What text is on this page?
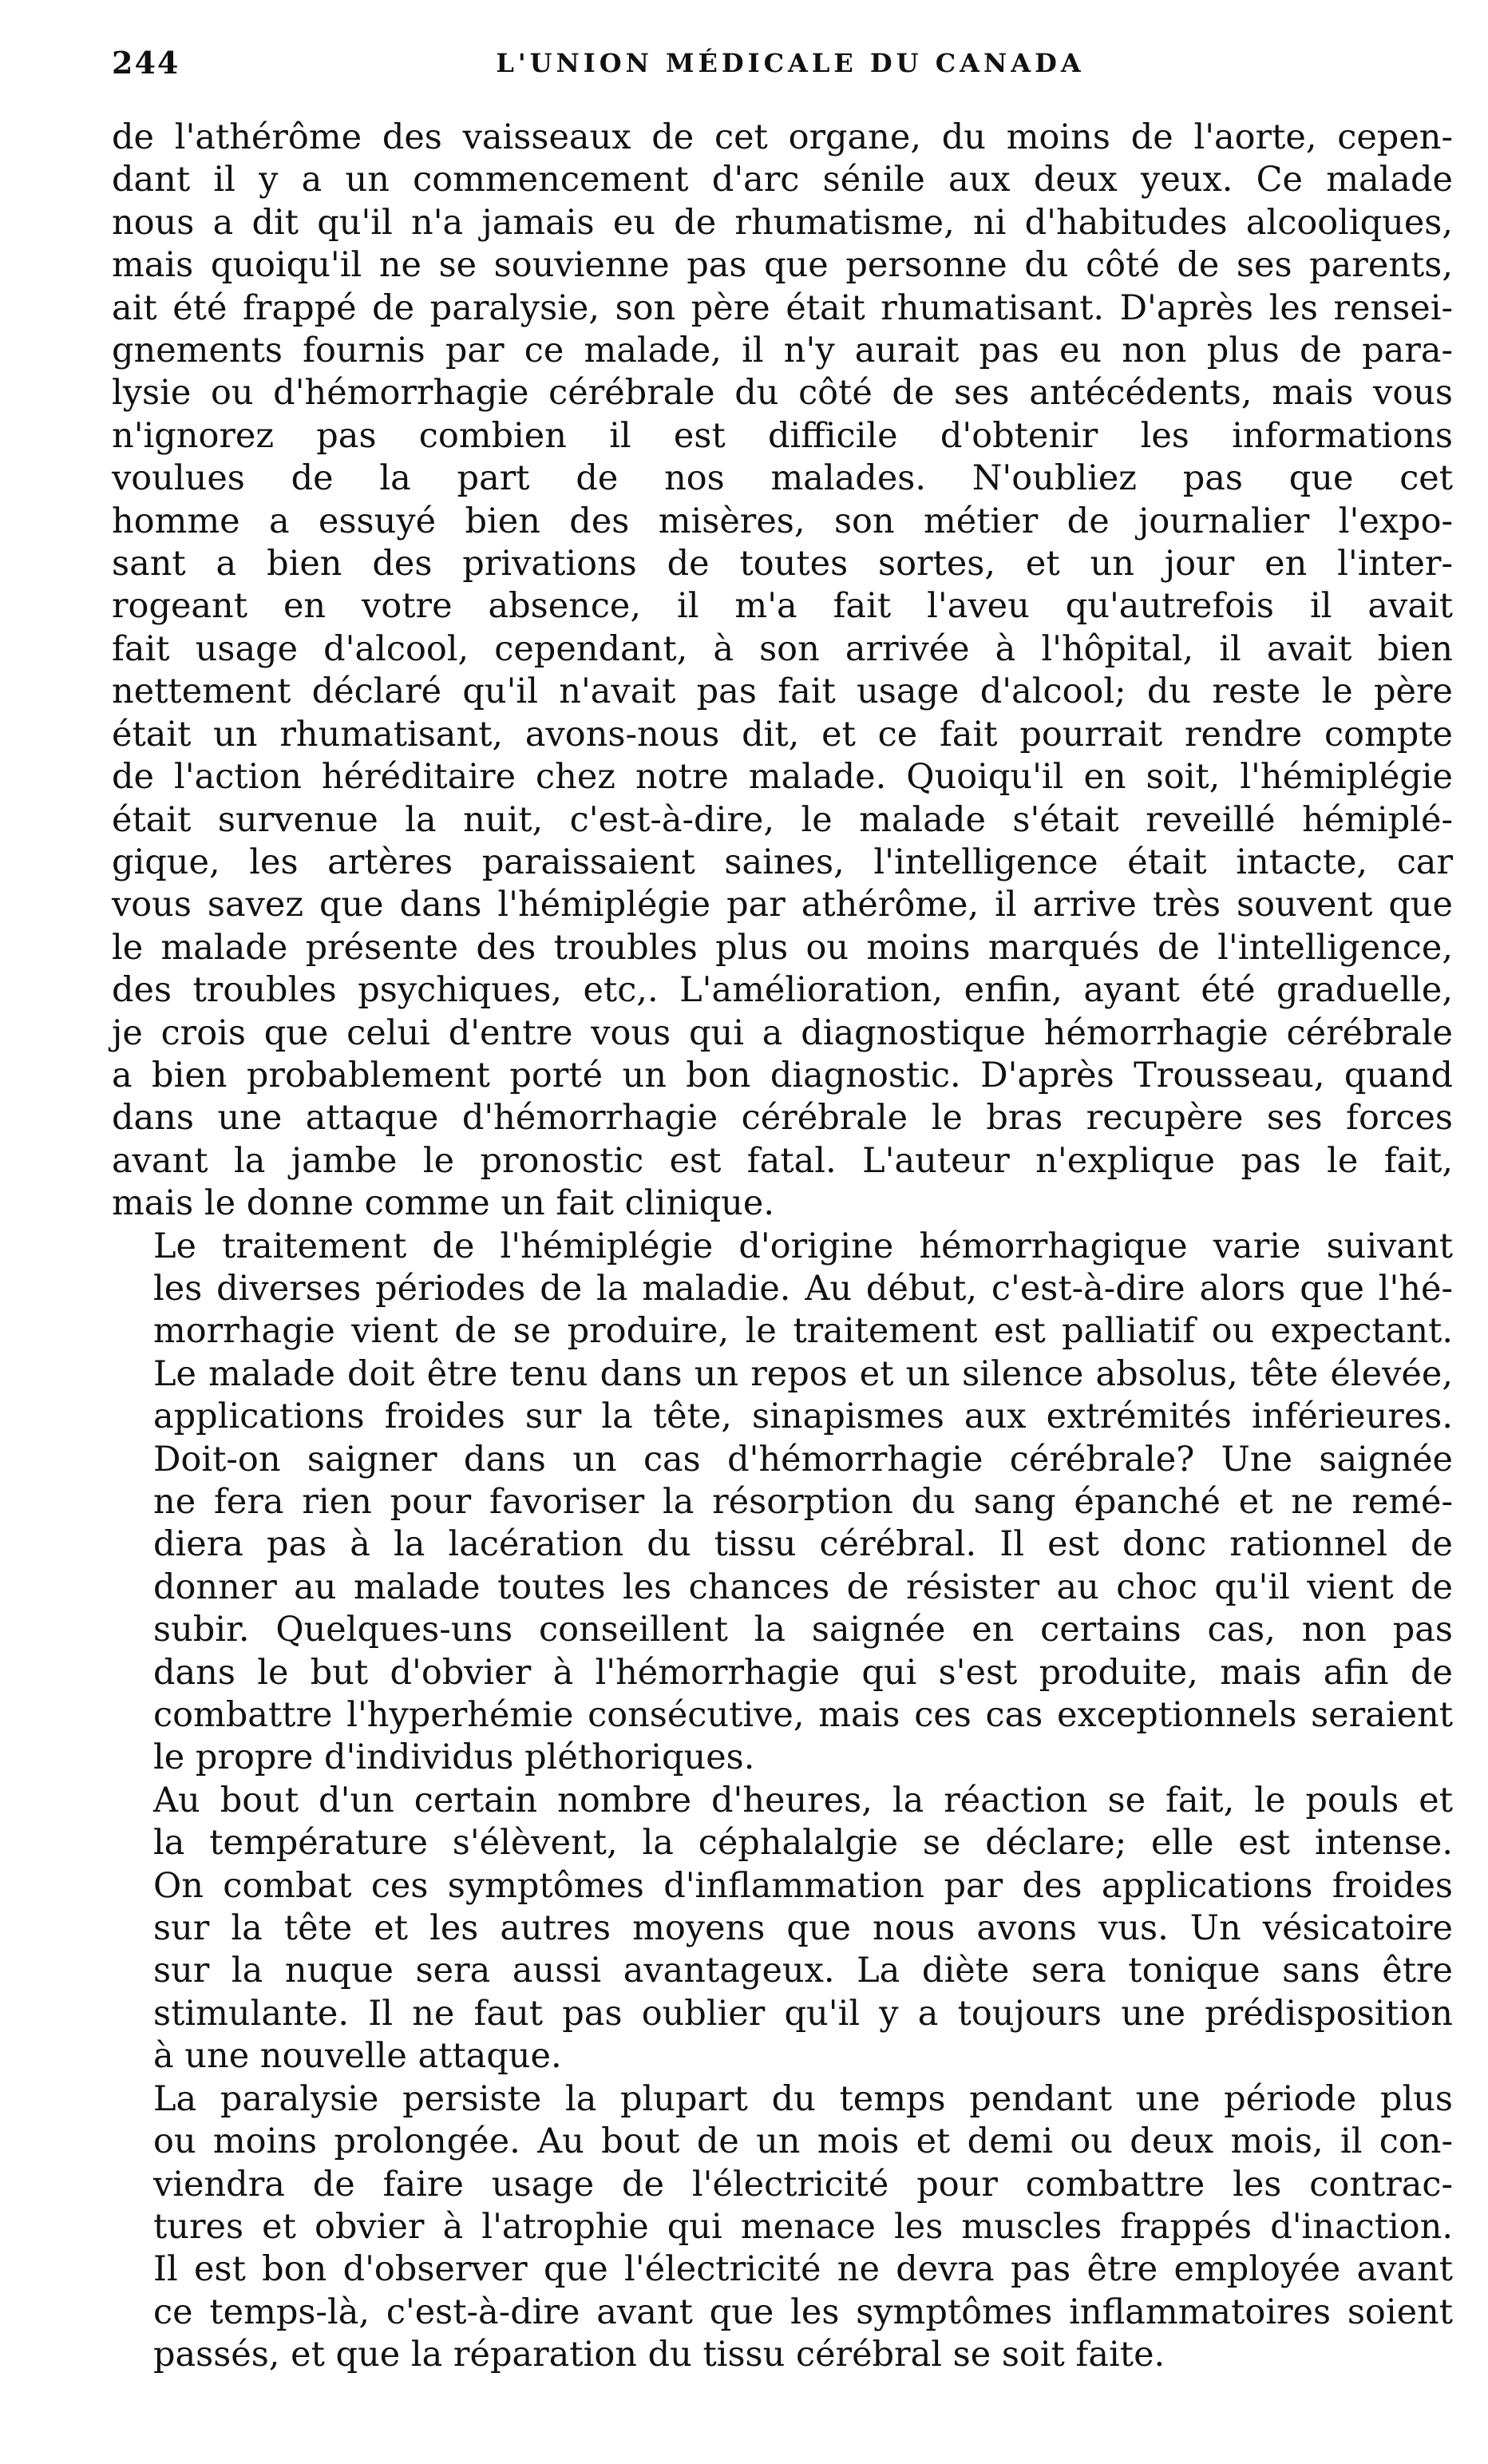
244	L'UNION MÉDICALE DU CANADA
de l'athérôme des vaisseaux de cet organe, du moins de l'aorte, cepen-
dant il y a un commencement d'arc sénile aux deux yeux. Ce malade
nous a dit qu'il n'a jamais eu de rhumatisme, ni d'habitudes alcooliques,
mais quoiqu'il ne se souvienne pas que personne du côté de ses parents,
ait été frappé de paralysie, son père était rhumatisant. D'après les rensei-
gnements fournis par ce malade, il n'y aurait pas eu non plus de para-
lysie ou d'hémorrhagie cérébrale du côté de ses antécédents, mais vous
n'ignorez pas combien il est difficile d'obtenir les informations
voulues de la part de nos malades. N'oubliez pas que cet
homme a essuyé bien des misères, son métier de journalier l'expo-
sant a bien des privations de toutes sortes, et un jour en l'inter-
rogeant en votre absence, il m'a fait l'aveu qu'autrefois il avait
fait usage d'alcool, cependant, à son arrivée à l'hôpital, il avait bien
nettement déclaré qu'il n'avait pas fait usage d'alcool; du reste le père
était un rhumatisant, avons-nous dit, et ce fait pourrait rendre compte
de l'action héréditaire chez notre malade. Quoiqu'il en soit, l'hémiplégie
était survenue la nuit, c'est-à-dire, le malade s'était reveillé hémiplé-
gique, les artères paraissaient saines, l'intelligence était intacte, car
vous savez que dans l'hémiplégie par athérôme, il arrive très souvent que
le malade présente des troubles plus ou moins marqués de l'intelligence,
des troubles psychiques, etc,. L'amélioration, enfin, ayant été graduelle,
je crois que celui d'entre vous qui a diagnostique hémorrhagie cérébrale
a bien probablement porté un bon diagnostic. D'après Trousseau, quand
dans une attaque d'hémorrhagie cérébrale le bras recupère ses forces
avant la jambe le pronostic est fatal. L'auteur n'explique pas le fait,
mais le donne comme un fait clinique.
Le traitement de l'hémiplégie d'origine hémorrhagique varie suivant
les diverses périodes de la maladie. Au début, c'est-à-dire alors que l'hé-
morrhagie vient de se produire, le traitement est palliatif ou expectant.
Le malade doit être tenu dans un repos et un silence absolus, tête élevée,
applications froides sur la tête, sinapismes aux extrémités inférieures.
Doit-on saigner dans un cas d'hémorrhagie cérébrale? Une saignée
ne fera rien pour favoriser la résorption du sang épanché et ne remé-
diera pas à la lacération du tissu cérébral. Il est donc rationnel de
donner au malade toutes les chances de résister au choc qu'il vient de
subir. Quelques-uns conseillent la saignée en certains cas, non pas
dans le but d'obvier à l'hémorrhagie qui s'est produite, mais afin de
combattre l'hyperhémie consécutive, mais ces cas exceptionnels seraient
le propre d'individus pléthoriques.
Au bout d'un certain nombre d'heures, la réaction se fait, le pouls et
la température s'élèvent, la céphalalgie se déclare; elle est intense.
On combat ces symptômes d'inflammation par des applications froides
sur la tête et les autres moyens que nous avons vus. Un vésicatoire
sur la nuque sera aussi avantageux. La diète sera tonique sans être
stimulante. Il ne faut pas oublier qu'il y a toujours une prédisposition
à une nouvelle attaque.
La paralysie persiste la plupart du temps pendant une période plus
ou moins prolongée. Au bout de un mois et demi ou deux mois, il con-
viendra de faire usage de l'électricité pour combattre les contrac-
tures et obvier à l'atrophie qui menace les muscles frappés d'inaction.
Il est bon d'observer que l'électricité ne devra pas être employée avant
ce temps-là, c'est-à-dire avant que les symptômes inflammatoires soient
passés, et que la réparation du tissu cérébral se soit faite.
